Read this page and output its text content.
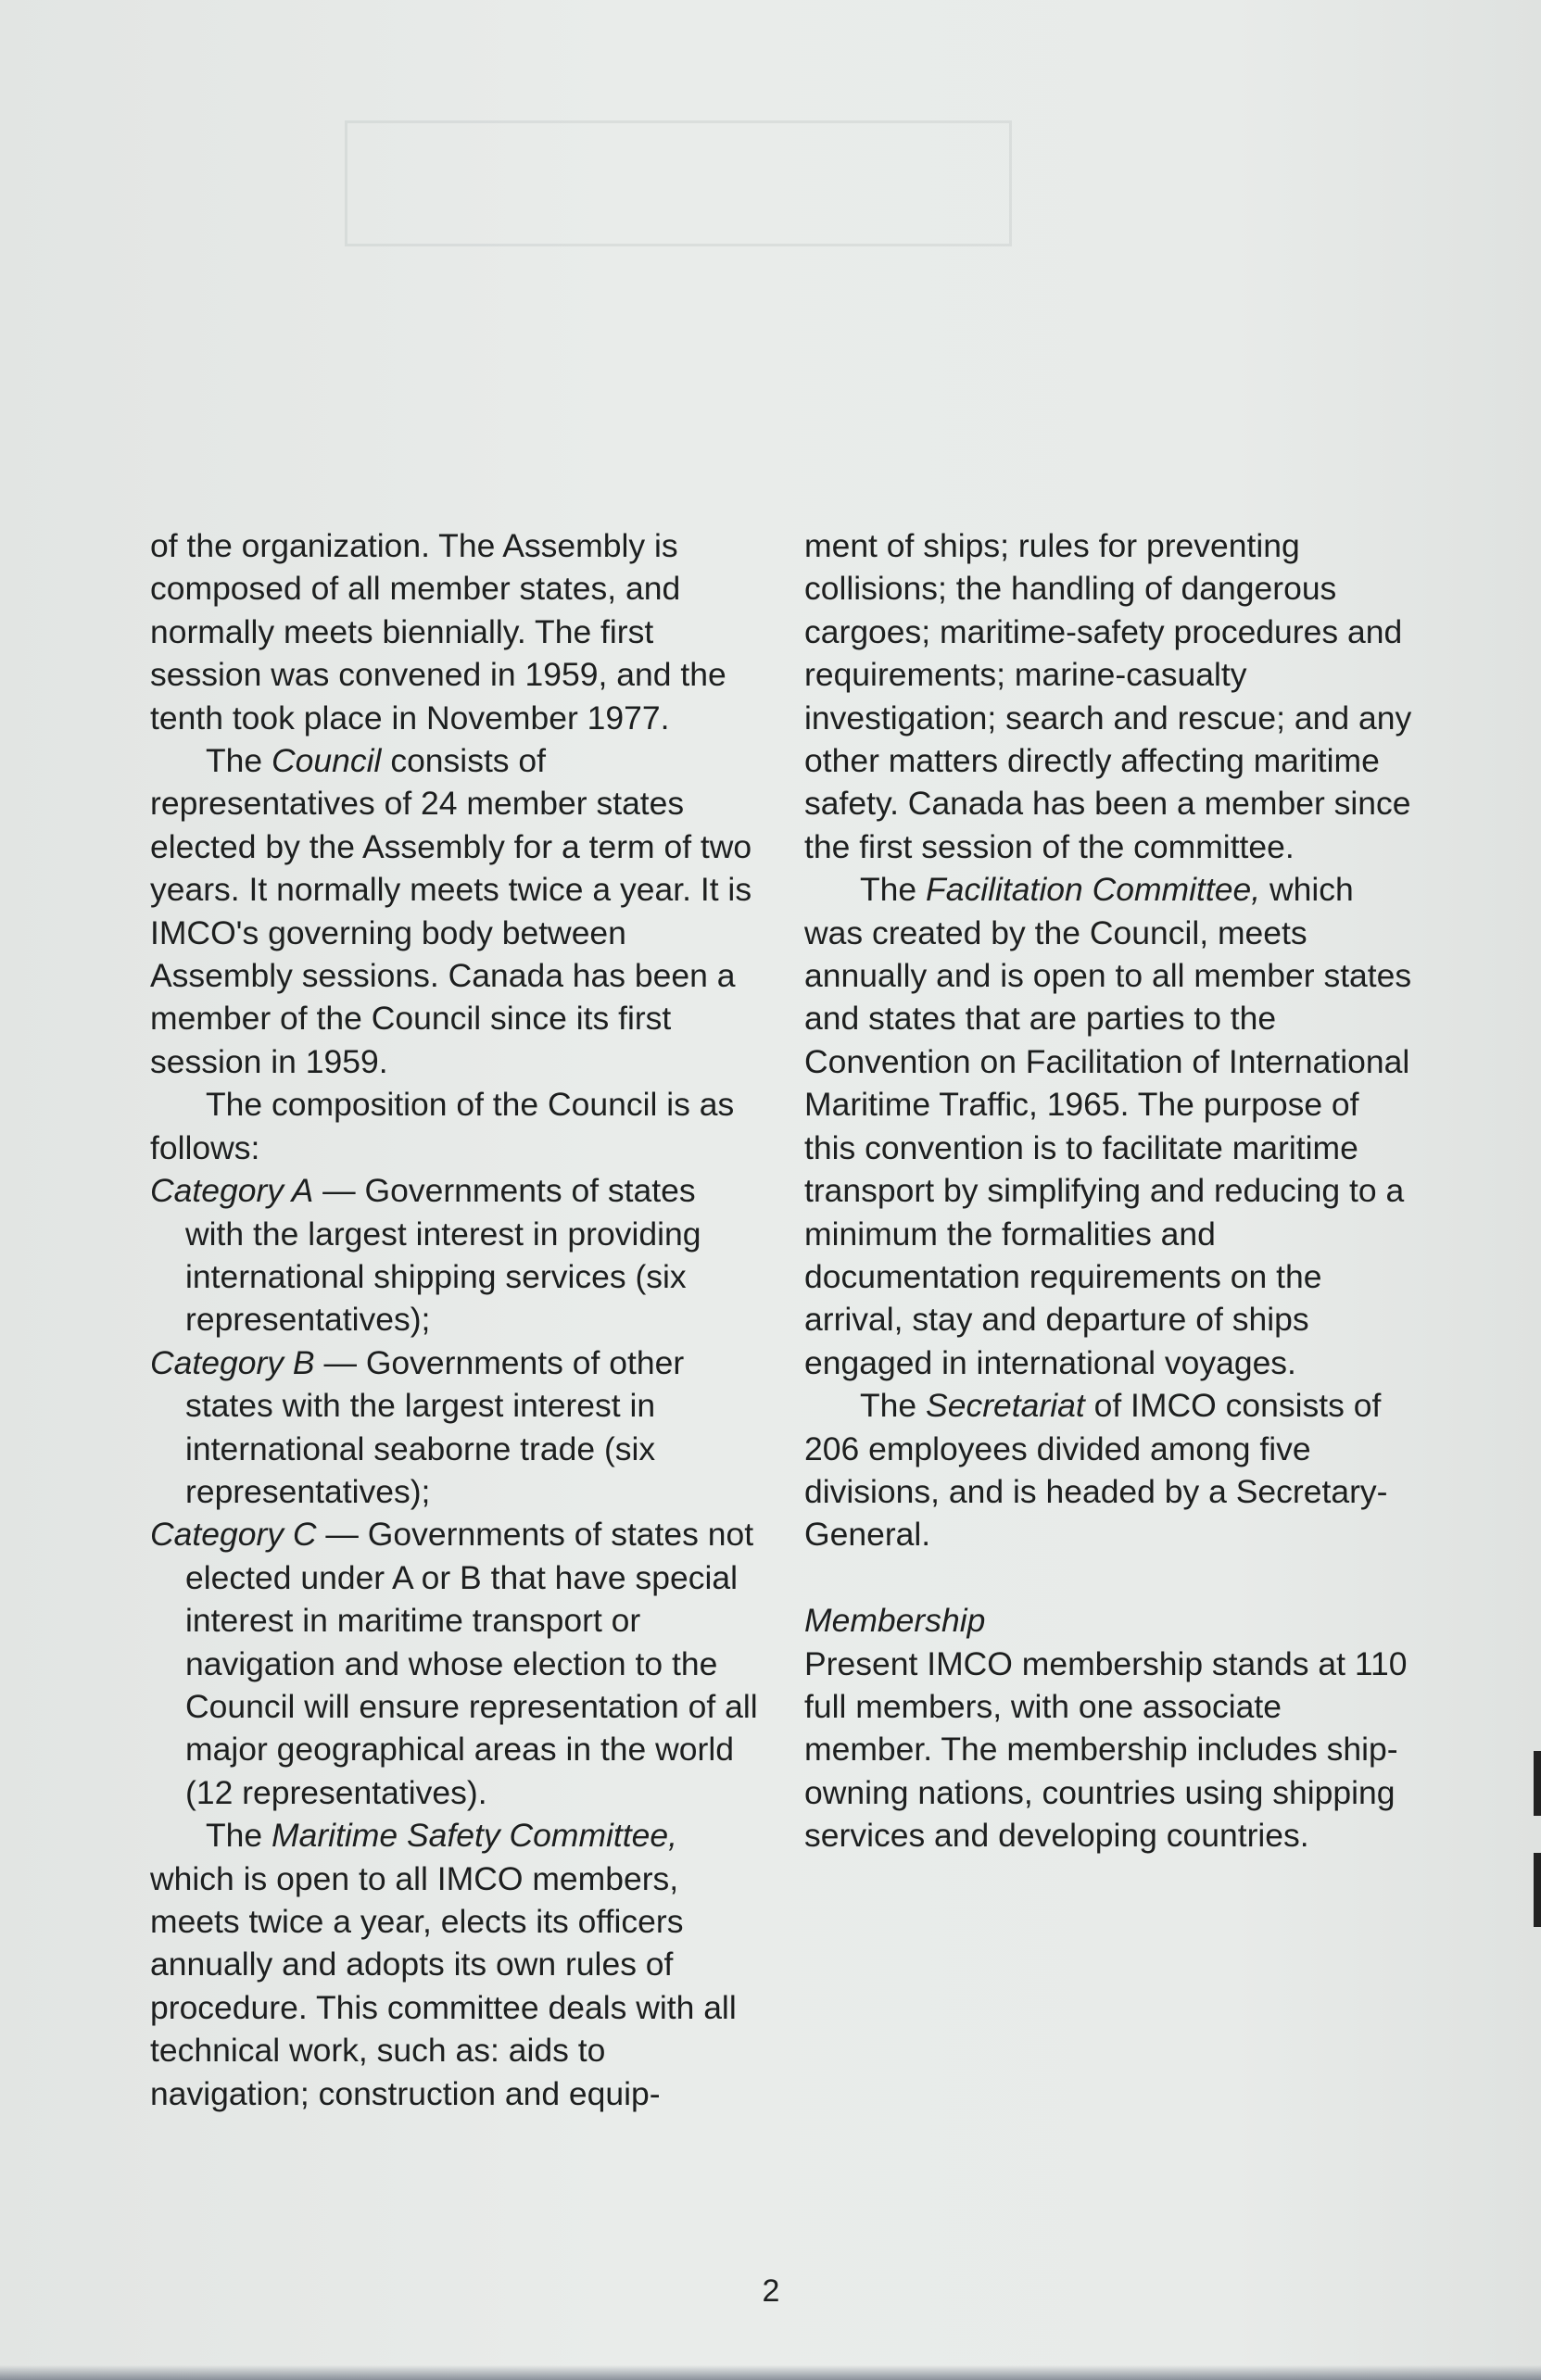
of the organization. The Assembly is composed of all member states, and normally meets biennially. The first session was convened in 1959, and the tenth took place in November 1977.

The Council consists of representatives of 24 member states elected by the Assembly for a term of two years. It normally meets twice a year. It is IMCO's governing body between Assembly sessions. Canada has been a member of the Council since its first session in 1959.

The composition of the Council is as follows:

Category A — Governments of states with the largest interest in providing international shipping services (six representatives);

Category B — Governments of other states with the largest interest in international seaborne trade (six representatives);

Category C — Governments of states not elected under A or B that have special interest in maritime transport or navigation and whose election to the Council will ensure representation of all major geographical areas in the world (12 representatives).

The Maritime Safety Committee, which is open to all IMCO members, meets twice a year, elects its officers annually and adopts its own rules of procedure. This committee deals with all technical work, such as: aids to navigation; construction and equip-

ment of ships; rules for preventing collisions; the handling of dangerous cargoes; maritime-safety procedures and requirements; marine-casualty investigation; search and rescue; and any other matters directly affecting maritime safety. Canada has been a member since the first session of the committee.

The Facilitation Committee, which was created by the Council, meets annually and is open to all member states and states that are parties to the Convention on Facilitation of International Maritime Traffic, 1965. The purpose of this convention is to facilitate maritime transport by simplifying and reducing to a minimum the formalities and documentation requirements on the arrival, stay and departure of ships engaged in international voyages.

The Secretariat of IMCO consists of 206 employees divided among five divisions, and is headed by a Secretary-General.

Membership

Present IMCO membership stands at 110 full members, with one associate member. The membership includes ship-owning nations, countries using shipping services and developing countries.

2
